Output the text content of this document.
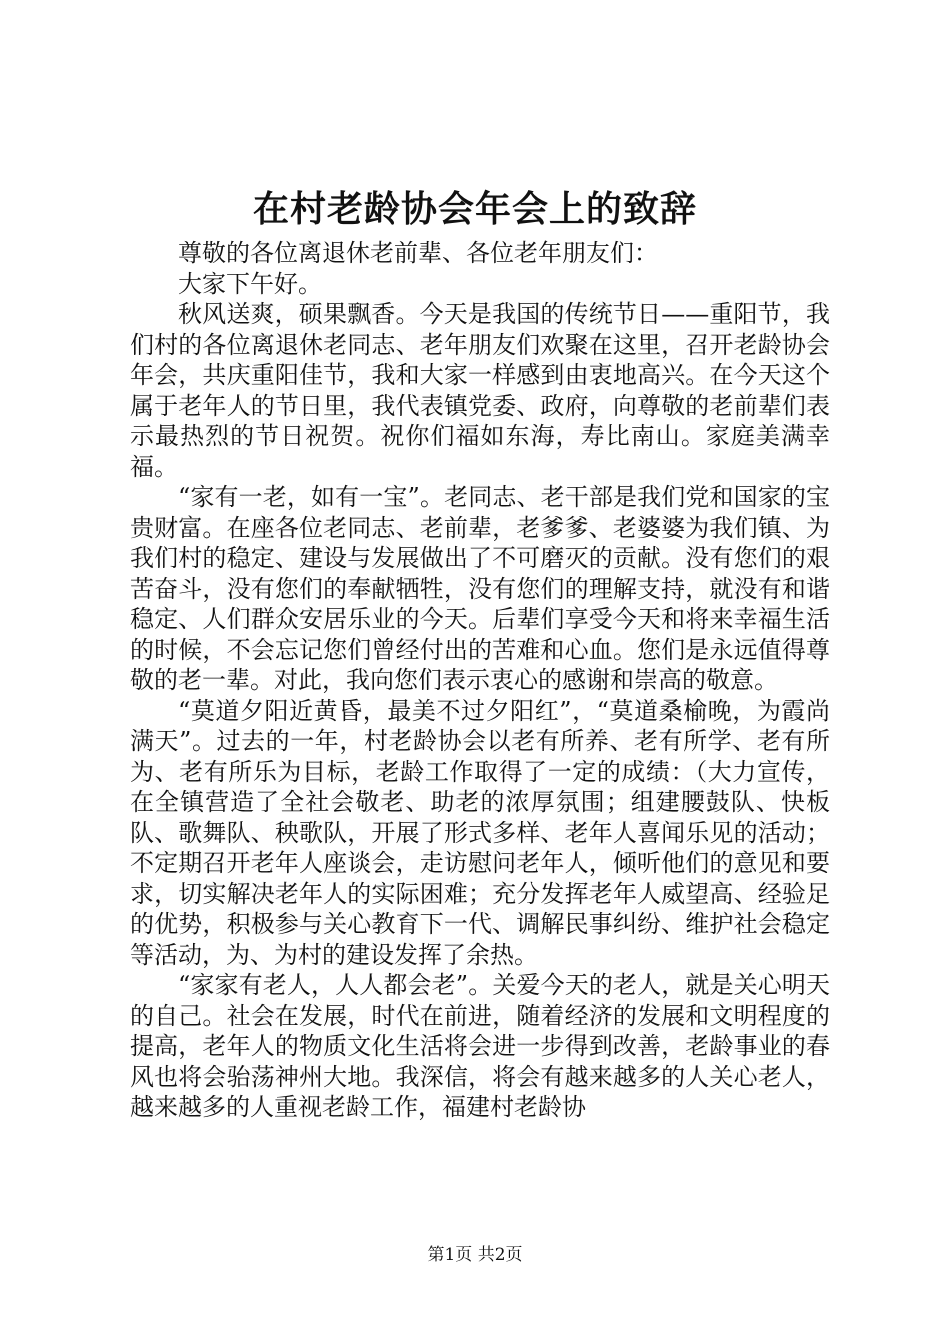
在村老龄协会年会上的致辞

尊敬的各位离退休老前辈、各位老年朋友们：

大家下午好。

秋风送爽，硕果飘香。今天是我国的传统节日——重阳节，我们村的各位离退休老同志、老年朋友们欢聚在这里，召开老龄协会年会，共庆重阳佳节，我和大家一样感到由衷地高兴。在今天这个属于老年人的节日里，我代表镇党委、政府，向尊敬的老前辈们表示最热烈的节日祝贺。祝你们福如东海，寿比南山。家庭美满幸福。

“家有一老，如有一宝”。老同志、老干部是我们党和国家的宝贵财富。在座各位老同志、老前辈，老爹爹、老婆婆为我们镇、为我们村的稳定、建设与发展做出了不可磨灭的贡献。没有您们的艰苦奋斗，没有您们的奉献牺牲，没有您们的理解支持，就没有和谐稳定、人们群众安居乐业的今天。后辈们享受今天和将来幸福生活的时候，不会忘记您们曾经付出的苦难和心血。您们是永远值得尊敬的老一辈。对此，我向您们表示衷心的感谢和崇高的敬意。

“莫道夕阳近黄昏，最美不过夕阳红”，“莫道桑榆晚，为霞尚满天”。过去的一年，村老龄协会以老有所养、老有所学、老有所为、老有所乐为目标，老龄工作取得了一定的成绩：（大力宣传，在全镇营造了全社会敬老、助老的浓厚氛围；组建腰鼓队、快板队、歌舞队、秧歌队，开展了形式多样、老年人喜闻乐见的活动；不定期召开老年人座谈会，走访慰问老年人，倾听他们的意见和要求，切实解决老年人的实际困难；充分发挥老年人威望高、经验足的优势，积极参与关心教育下一代、调解民事纠纷、维护社会稳定等活动，为、为村的建设发挥了余热。

“家家有老人，人人都会老”。关爱今天的老人，就是关心明天的自己。社会在发展，时代在前进，随着经济的发展和文明程度的提高，老年人的物质文化生活将会进一步得到改善，老龄事业的春风也将会骀荡神州大地。我深信，将会有越来越多的人关心老人，越来越多的人重视老龄工作，福建村老龄协

第1页 共2页
